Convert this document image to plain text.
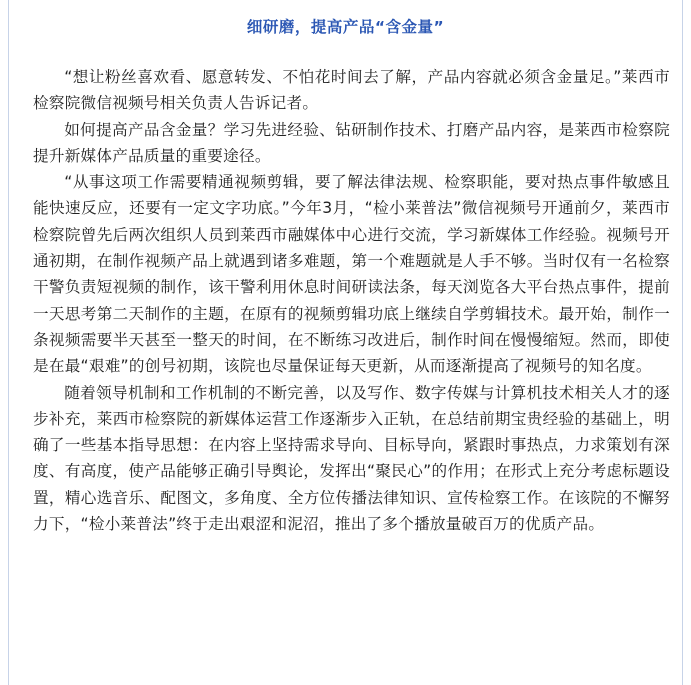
细研磨，提高产品“含金量”

“想让粉丝喜欢看、愿意转发、不怕花时间去了解，产品内容就必须含金量足。”莱西市检察院微信视频号相关负责人告诉记者。

如何提高产品含金量？学习先进经验、钻研制作技术、打磨产品内容，是莱西市检察院提升新媒体产品质量的重要途径。

“从事这项工作需要精通视频剪辑，要了解法律法规、检察职能，要对热点事件敏感且能快速反应，还要有一定文字功底。”今年3月，“检小莱普法”微信视频号开通前夕，莱西市检察院曾先后两次组织人员到莱西市融媒体中心进行交流，学习新媒体工作经验。视频号开通初期，在制作视频产品上就遇到诸多难题，第一个难题就是人手不够。当时仅有一名检察干警负责短视频的制作，该干警利用休息时间研读法条，每天浏览各大平台热点事件，提前一天思考第二天制作的主题，在原有的视频剪辑功底上继续自学剪辑技术。最开始，制作一条视频需要半天甚至一整天的时间，在不断练习改进后，制作时间在慢慢缩短。然而，即使是在最“艰难”的创号初期，该院也尽量保证每天更新，从而逐渐提高了视频号的知名度。

随着领导机制和工作机制的不断完善，以及写作、数字传媒与计算机技术相关人才的逐步补充，莱西市检察院的新媒体运营工作逐渐步入正轨，在总结前期宝贵经验的基础上，明确了一些基本指导思想：在内容上坚持需求导向、目标导向，紧跟时事热点，力求策划有深度、有高度，使产品能够正确引导舆论，发挥出“聚民心”的作用；在形式上充分考虑标题设置，精心选音乐、配图文，多角度、全方位传播法律知识、宣传检察工作。在该院的不懈努力下，“检小莱普法”终于走出艰涩和泥沼，推出了多个播放量破百万的优质产品。
